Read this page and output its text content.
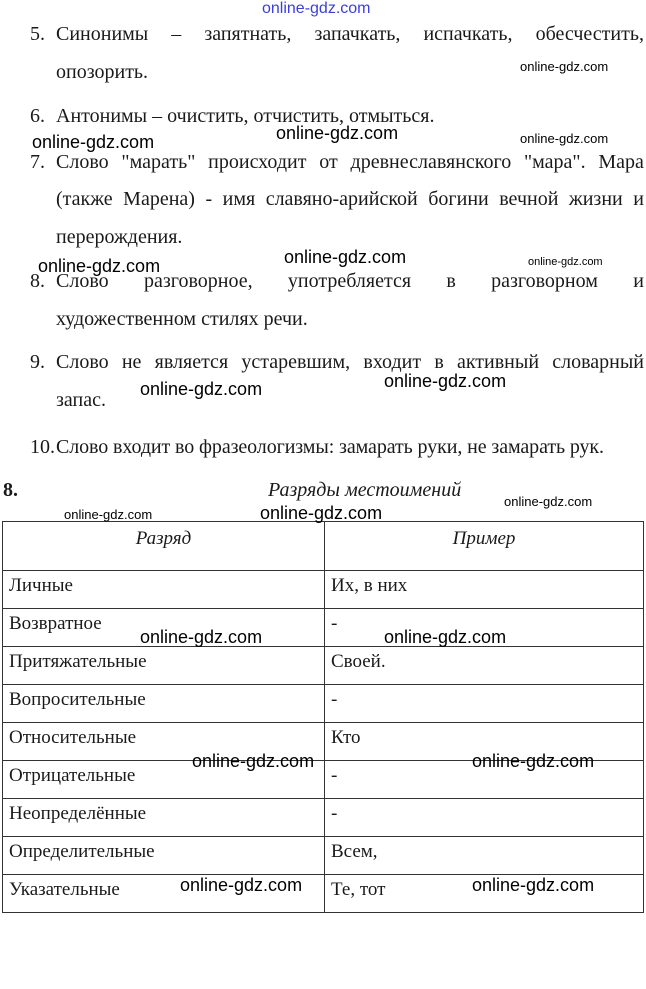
online-gdz.com
5. Синонимы – запятнать, запачкать, испачкать, обесчестить,
опозорить.
6. Антонимы – очистить, отчистить, отмыться.
7. Слово "марать" происходит от древнеславянского "мара". Мара
(также Марена) - имя славяно-арийской богини вечной жизни и
перерождения.
8. Слово разговорное, употребляется в разговорном и
художественном стилях речи.
9. Слово не является устаревшим, входит в активный словарный
запас.
10. Слово входит во фразеологизмы: замарать руки, не замарать рук.
8.	Разряды местоимений
Разряд	Пример
Личные	Их, в них
Возвратное	-
Притяжательные	Своей.
Вопросительные	-
Относительные	Кто
Отрицательные	-
Неопределённые	-
Определительные	Всем,
Указательные	Те, тот
online-gdz.com
online-gdz.com	online-gdz.com	online-gdz.com
online-gdz.com	online-gdz.com
online-gdz.com
online-gdz.com
online-gdz.com
online-gdz.com
online-gdz.com	online-gdz.com
online-gdz.com	online-gdz.com
online-gdz.com	online-gdz.com
online-gdz.com	online-gdz.com
